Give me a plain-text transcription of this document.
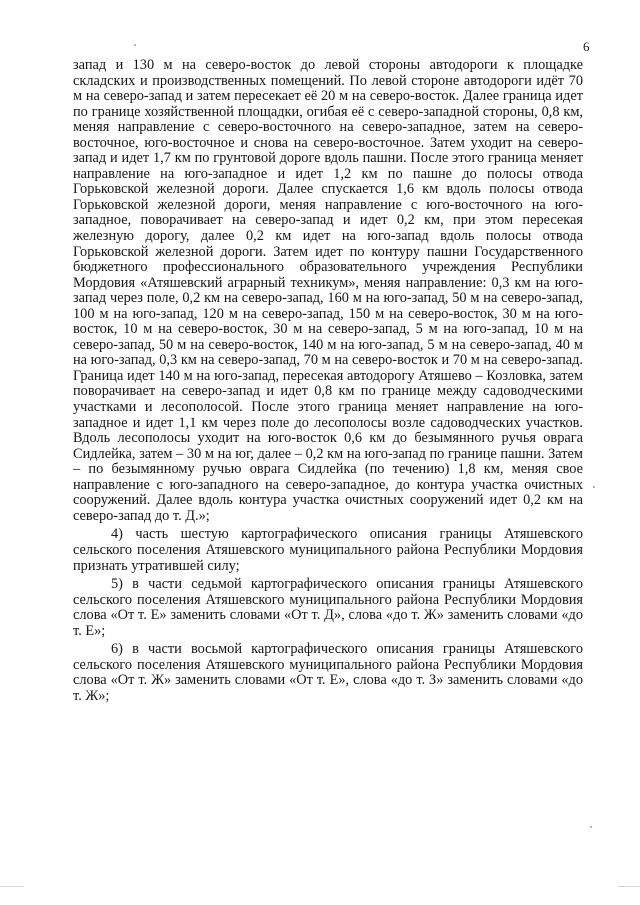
6

запад и 130 м на северо-восток до левой стороны автодороги к площадке складских и производственных помещений. По левой стороне автодороги идёт 70 м на северо-запад и затем пересекает её 20 м на северо-восток. Далее граница идет по границе хозяйственной площадки, огибая её с северо-западной стороны, 0,8 км, меняя направление с северо-восточного на северо-западное, затем на северо-восточное, юго-восточное и снова на северо-восточное. Затем уходит на северо-запад и идет 1,7 км по грунтовой дороге вдоль пашни. После этого граница меняет направление на юго-западное и идет 1,2 км по пашне до полосы отвода Горьковской железной дороги. Далее спускается 1,6 км вдоль полосы отвода Горьковской железной дороги, меняя направление с юго-восточного на юго-западное, поворачивает на северо-запад и идет 0,2 км, при этом пересекая железную дорогу, далее 0,2 км идет на юго-запад вдоль полосы отвода Горьковской железной дороги. Затем идет по контуру пашни Государственного бюджетного профессионального образовательного учреждения Республики Мордовия «Атяшевский аграрный техникум», меняя направление: 0,3 км на юго-запад через поле, 0,2 км на северо-запад, 160 м на юго-запад, 50 м на северо-запад, 100 м на юго-запад, 120 м на северо-запад, 150 м на северо-восток, 30 м на юго-восток, 10 м на северо-восток, 30 м на северо-запад, 5 м на юго-запад, 10 м на северо-запад, 50 м на северо-восток, 140 м на юго-запад, 5 м на северо-запад, 40 м на юго-запад, 0,3 км на северо-запад, 70 м на северо-восток и 70 м на северо-запад. Граница идет 140 м на юго-запад, пересекая автодорогу Атяшево – Козловка, затем поворачивает на северо-запад и идет 0,8 км по границе между садоводческими участками и лесополосой. После этого граница меняет направление на юго-западное и идет 1,1 км через поле до лесополосы возле садоводческих участков. Вдоль лесополосы уходит на юго-восток 0,6 км до безымянного ручья оврага Сидлейка, затем – 30 м на юг, далее – 0,2 км на юго-запад по границе пашни. Затем – по безымянному ручью оврага Сидлейка (по течению) 1,8 км, меняя свое направление с юго-западного на северо-западное, до контура участка очистных сооружений. Далее вдоль контура участка очистных сооружений идет 0,2 км на северо-запад до т. Д.»;

4) часть шестую картографического описания границы Атяшевского сельского поселения Атяшевского муниципального района Республики Мордовия признать утратившей силу;

5) в части седьмой картографического описания границы Атяшевского сельского поселения Атяшевского муниципального района Республики Мордовия слова «От т. Е» заменить словами «От т. Д», слова «до т. Ж» заменить словами «до т. Е»;

6) в части восьмой картографического описания границы Атяшевского сельского поселения Атяшевского муниципального района Республики Мордовия слова «От т. Ж» заменить словами «От т. Е», слова «до т. З» заменить словами «до т. Ж»;
